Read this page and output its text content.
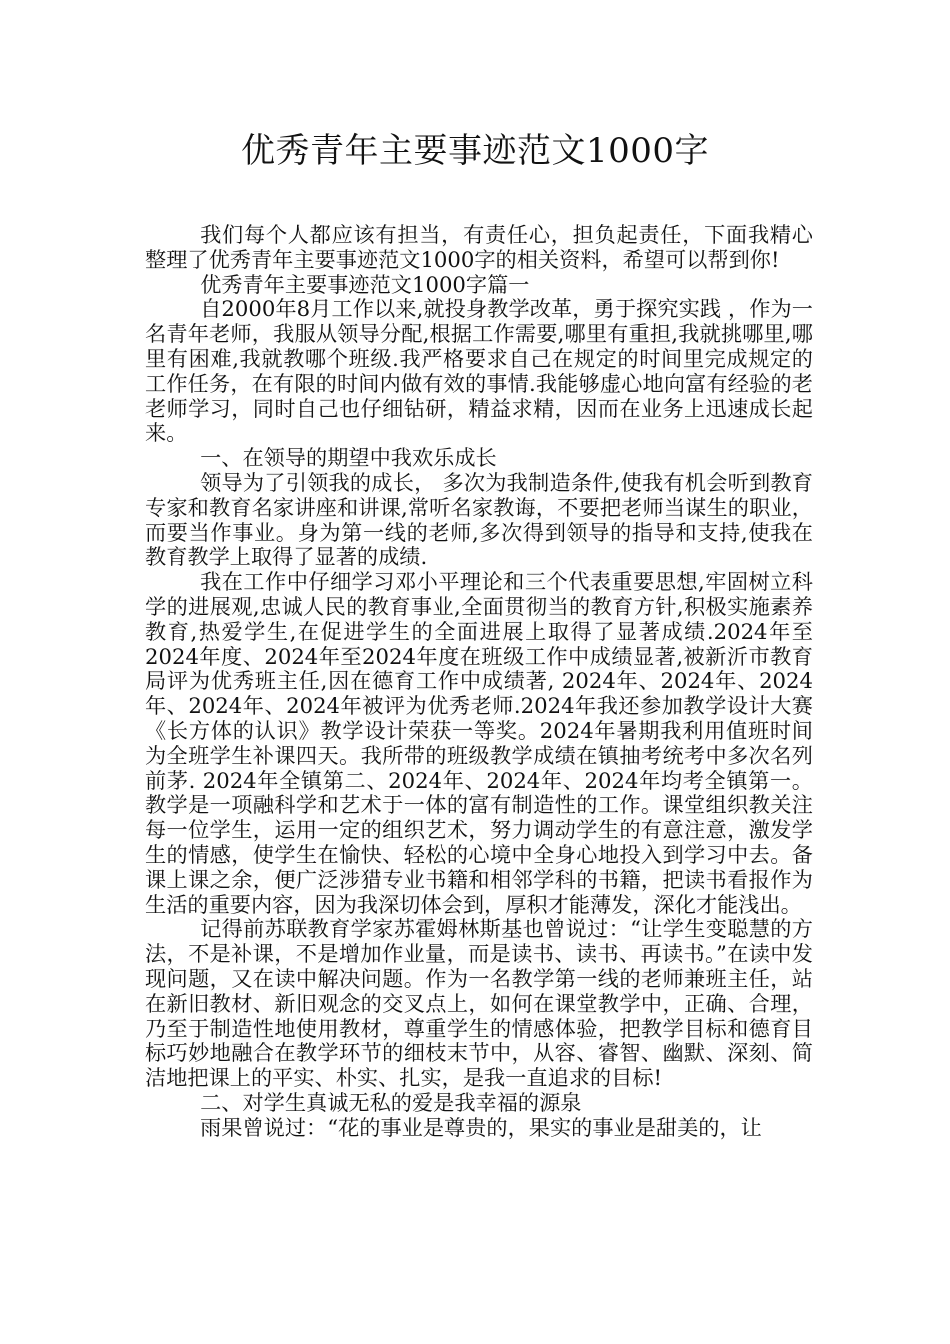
优秀青年主要事迹范文1000字

我们每个人都应该有担当，有责任心，担负起责任，下面我精心整理了优秀青年主要事迹范文1000字的相关资料，希望可以帮到你!

优秀青年主要事迹范文1000字篇一

自2000年8月工作以来,就投身教学改革，勇于探究实践 ，作为一名青年老师，我服从领导分配,根据工作需要,哪里有重担,我就挑哪里,哪里有困难,我就教哪个班级.我严格要求自己在规定的时间里完成规定的工作任务，在有限的时间内做有效的事情.我能够虚心地向富有经验的老老师学习，同时自己也仔细钻研，精益求精，因而在业务上迅速成长起来。

一、在领导的期望中我欢乐成长

领导为了引领我的成长， 多次为我制造条件,使我有机会听到教育专家和教育名家讲座和讲课,常听名家教诲，不要把老师当谋生的职业，而要当作事业。身为第一线的老师,多次得到领导的指导和支持,使我在教育教学上取得了显著的成绩.

我在工作中仔细学习邓小平理论和三个代表重要思想,牢固树立科学的进展观,忠诚人民的教育事业,全面贯彻当的教育方针,积极实施素养教育,热爱学生,在促进学生的全面进展上取得了显著成绩.2024年至2024年度、2024年至2024年度在班级工作中成绩显著,被新沂市教育局评为优秀班主任,因在德育工作中成绩著, 2024年、2024年、2024年、2024年、2024年被评为优秀老师.2024年我还参加教学设计大赛《长方体的认识》教学设计荣获一等奖。2024年暑期我利用值班时间为全班学生补课四天。我所带的班级教学成绩在镇抽考统考中多次名列前茅. 2024年全镇第二、2024年、2024年、2024年均考全镇第一。教学是一项融科学和艺术于一体的富有制造性的工作。课堂组织教关注每一位学生，运用一定的组织艺术，努力调动学生的有意注意，激发学生的情感，使学生在愉快、轻松的心境中全身心地投入到学习中去。备课上课之余，便广泛涉猎专业书籍和相邻学科的书籍，把读书看报作为生活的重要内容，因为我深切体会到，厚积才能薄发，深化才能浅出。

记得前苏联教育学家苏霍姆林斯基也曾说过：“让学生变聪慧的方法，不是补课，不是增加作业量，而是读书、读书、再读书。”在读中发现问题，又在读中解决问题。作为一名教学第一线的老师兼班主任，站在新旧教材、新旧观念的交叉点上，如何在课堂教学中，正确、合理，乃至于制造性地使用教材，尊重学生的情感体验，把教学目标和德育目标巧妙地融合在教学环节的细枝末节中，从容、睿智、幽默、深刻、简洁地把课上的平实、朴实、扎实，是我一直追求的目标!

二、对学生真诚无私的爱是我幸福的源泉

雨果曾说过：“花的事业是尊贵的，果实的事业是甜美的，让
